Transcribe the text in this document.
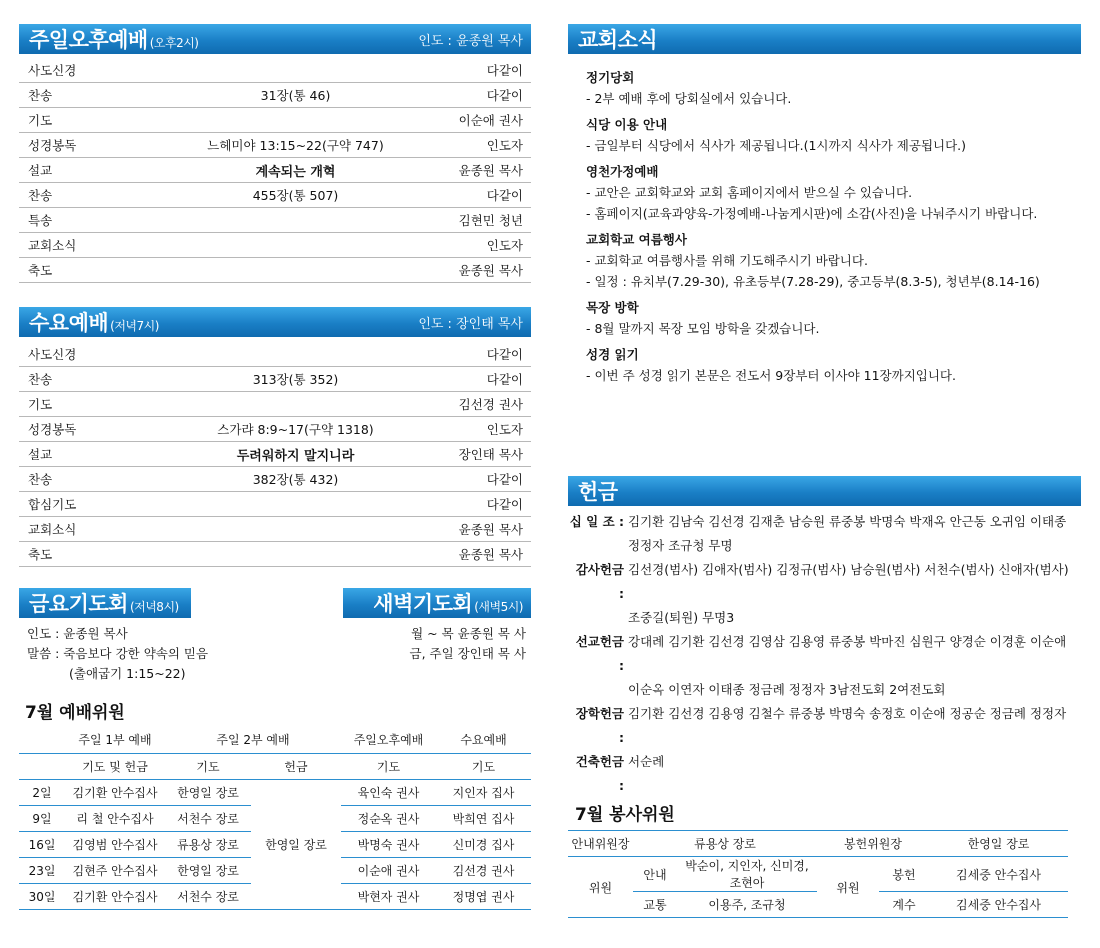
주일오후예배 (오후2시)	인도 : 윤종원 목사
사도신경	다같이
찬송	31장(통 46)	다같이
기도	이순애 권사
성경봉독	느헤미야 13:15~22(구약 747)	인도자
설교	계속되는 개혁	윤종원 목사
찬송	455장(통 507)	다같이
특송	김현민 청년
교회소식	인도자
축도	윤종원 목사
수요예배 (저녁7시)	인도 : 장인태 목사
사도신경	다같이
찬송	313장(통 352)	다같이
기도	김선경 권사
성경봉독	스가랴 8:9~17(구약 1318)	인도자
설교	두려워하지 말지니라	장인태 목사
찬송	382장(통 432)	다같이
합심기도	다같이
교회소식	윤종원 목사
축도	윤종원 목사
금요기도회 (저녁8시)
인도 : 윤종원 목사
말씀 : 죽음보다 강한 약속의 믿음
(출애굽기 1:15~22)
새벽기도회 (새벽5시)
월 ~ 목 윤종원 목 사
금, 주일 장인태 목 사
7월 예배위원
	주일 1부 예배	주일 2부 예배		주일오후예배	수요예배
	기도 및 헌금	기도	헌금	기도	기도
2일	김기환 안수집사	한영일 장로	한영일 장로	육인숙 권사	지인자 집사
9일	리 철 안수집사	서천수 장로		정순옥 권사	박희연 집사
16일	김영범 안수집사	류용상 장로		박명숙 권사	신미경 집사
23일	김현주 안수집사	한영일 장로		이순애 권사	김선경 권사
30일	김기환 안수집사	서천수 장로		박현자 권사	정명엽 권사
교회소식
정기당회
- 2부 예배 후에 당회실에서 있습니다.
식당 이용 안내
- 금일부터 식당에서 식사가 제공됩니다.(1시까지 식사가 제공됩니다.)
영천가정예배
- 교안은 교회학교와 교회 홈페이지에서 받으실 수 있습니다.
- 홈페이지(교육과양육-가정예배-나눔게시판)에 소감(사진)을 나눠주시기 바랍니다.
교회학교 여름행사
- 교회학교 여름행사를 위해 기도해주시기 바랍니다.
- 일정 : 유치부(7.29-30), 유초등부(7.28-29), 중고등부(8.3-5), 청년부(8.14-16)
목장 방학
- 8월 말까지 목장 모임 방학을 갖겠습니다.
성경 읽기
- 이번 주 성경 읽기 본문은 전도서 9장부터 이사야 11장까지입니다.
헌금
십 일 조 : 김기환 김남숙 김선경 김재춘 남승원 류중봉 박명숙 박재옥 안근동 오귀임 이태종
정정자 조규청 무명
감사헌금 :
김선경(범사) 김애자(범사) 김정규(범사) 남승원(범사) 서천수(범사) 신애자(범사)
조중길(퇴원) 무명3
선교헌금 :
강대례 김기환 김선경 김영삼 김용영 류중봉 박마진 심원구 양경순 이경훈 이순애
이순옥 이연자 이태종 정금례 정정자 3남전도회 2여전도회
장학헌금 :
김기환 김선경 김용영 김철수 류중봉 박명숙 송정호 이순애 정공순 정금례 정정자
건축헌금 :
서순례
7월 봉사위원
안내위원장	류용상 장로		봉헌위원장		한영일 장로
위원	안내	박순이, 지인자, 신미경, 조현아	위원	봉헌	김세중 안수집사
	교통	이용주, 조규청		계수	김세중 안수집사
